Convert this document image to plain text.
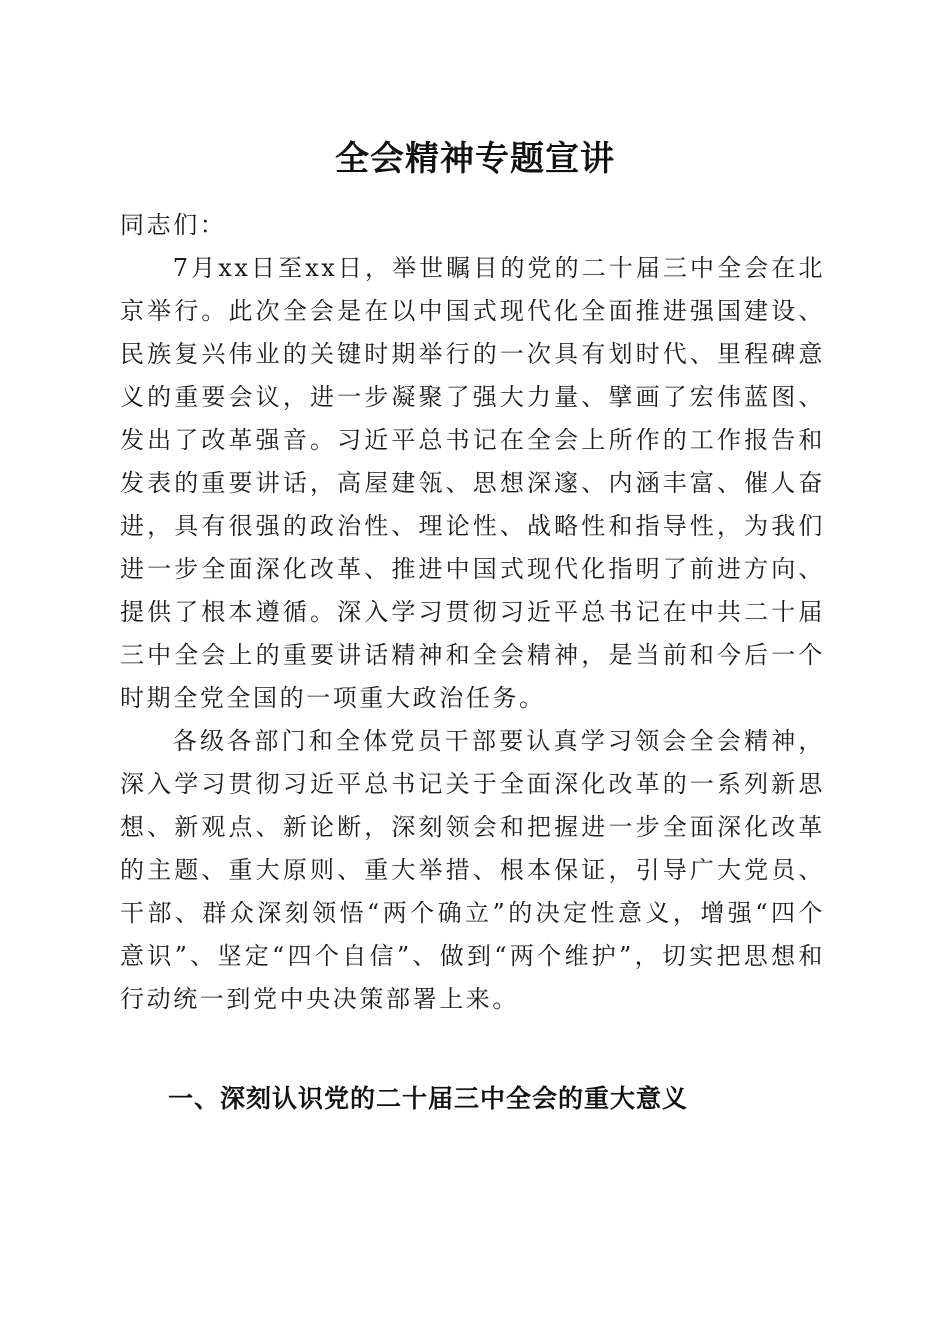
全会精神专题宣讲

同志们：

7月xx日至xx日，举世瞩目的党的二十届三中全会在北京举行。此次全会是在以中国式现代化全面推进强国建设、民族复兴伟业的关键时期举行的一次具有划时代、里程碑意义的重要会议，进一步凝聚了强大力量、擘画了宏伟蓝图、发出了改革强音。习近平总书记在全会上所作的工作报告和发表的重要讲话，高屋建瓴、思想深邃、内涵丰富、催人奋进，具有很强的政治性、理论性、战略性和指导性，为我们进一步全面深化改革、推进中国式现代化指明了前进方向、提供了根本遵循。深入学习贯彻习近平总书记在中共二十届三中全会上的重要讲话精神和全会精神，是当前和今后一个时期全党全国的一项重大政治任务。

各级各部门和全体党员干部要认真学习领会全会精神，深入学习贯彻习近平总书记关于全面深化改革的一系列新思想、新观点、新论断，深刻领会和把握进一步全面深化改革的主题、重大原则、重大举措、根本保证，引导广大党员、干部、群众深刻领悟“两个确立”的决定性意义，增强“四个意识”、坚定“四个自信”、做到“两个维护”，切实把思想和行动统一到党中央决策部署上来。

一、深刻认识党的二十届三中全会的重大意义
